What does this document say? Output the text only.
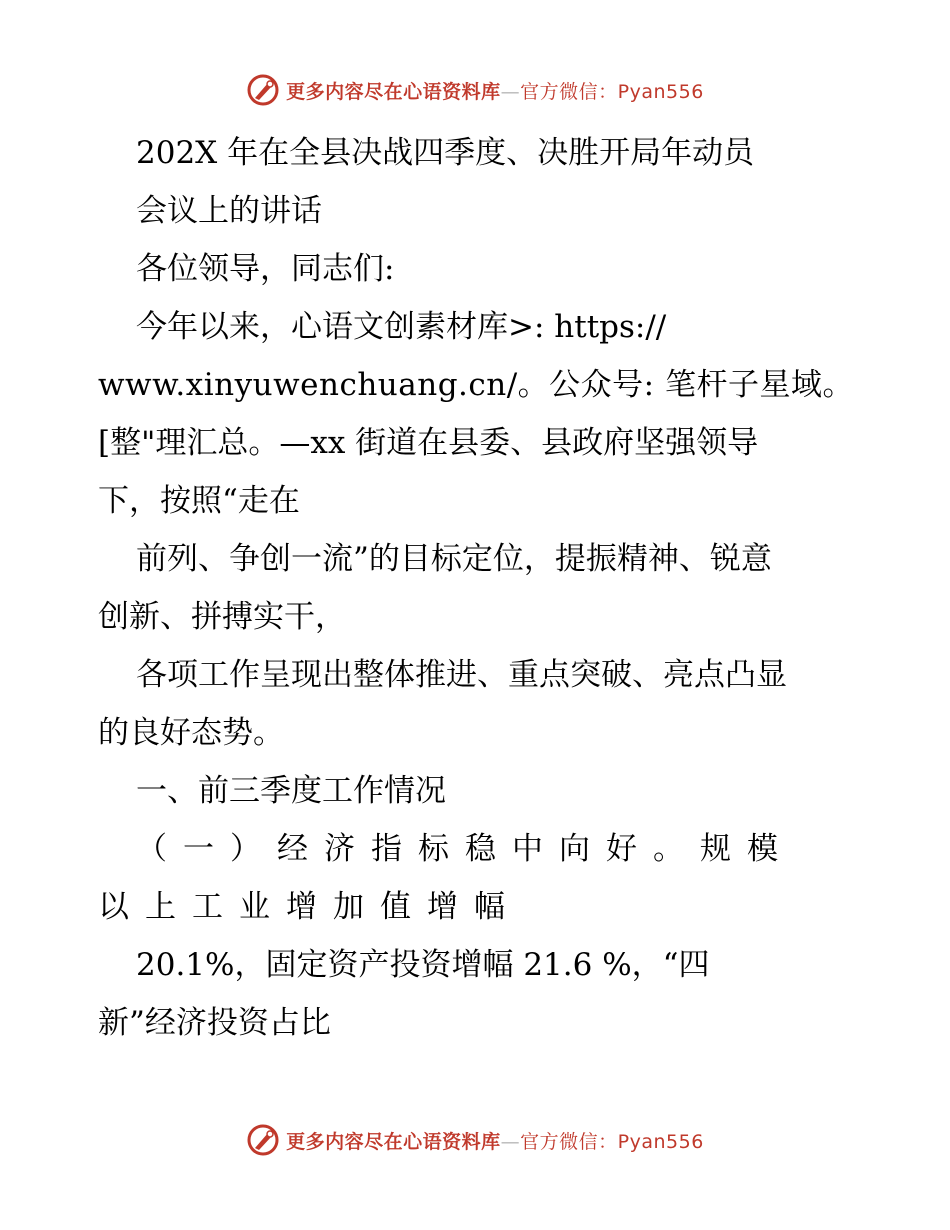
更多内容尽在心语资料库—官方微信：Pyan556
202X 年在全县决战四季度、决胜开局年动员
会议上的讲话
各位领导，同志们:
今年以来，心语文创素材库>: https://
www.xinyuwenchuang.cn/。公众号: 笔杆子星域。
[整"理汇总。—xx 街道在县委、县政府坚强领导
下，按照“走在
前列、争创一流”的目标定位，提振精神、锐意
创新、拼搏实干，
各项工作呈现出整体推进、重点突破、亮点凸显
的良好态势。
一、前三季度工作情况
（一）经济指标稳中向好。规模
以上工业增加值增幅
20.1%，固定资产投资增幅 21.6 %，“四
新”经济投资占比
更多内容尽在心语资料库—官方微信：Pyan556
